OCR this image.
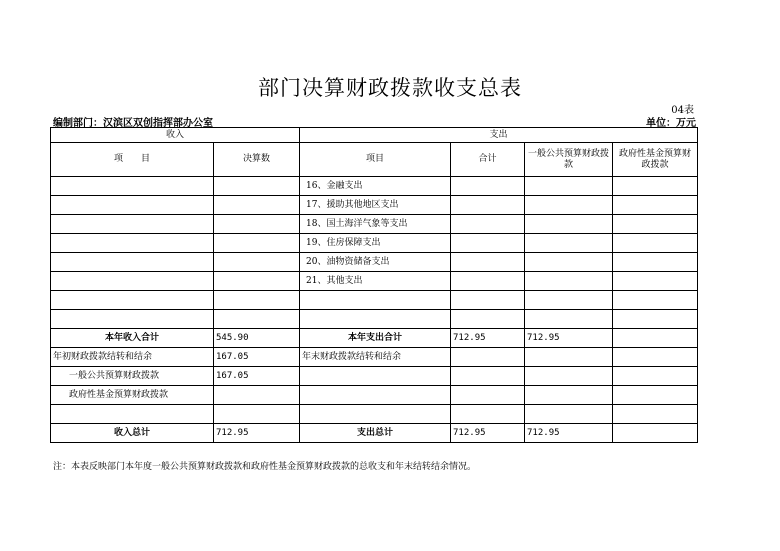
部门决算财政拨款收支总表
04表
编制部门：汉滨区双创指挥部办公室	单位：万元
收入		支出			
项　　目	决算数	项目	合计	一般公共预算财政拨款	政府性基金预算财政拨款
		16、金融支出			
		17、援助其他地区支出			
		18、国土海洋气象等支出			
		19、住房保障支出			
		20、油物资储备支出			
		21、其他支出			

本年收入合计	545.90	本年支出合计	712.95	712.95	
年初财政拨款结转和结余	167.05	年末财政拨款结转和结余			
一般公共预算财政拨款	167.05				
政府性基金预算财政拨款					

收入总计	712.95	支出总计	712.95	712.95	
注：本表反映部门本年度一般公共预算财政拨款和政府性基金预算财政拨款的总收支和年末结转结余情况。
